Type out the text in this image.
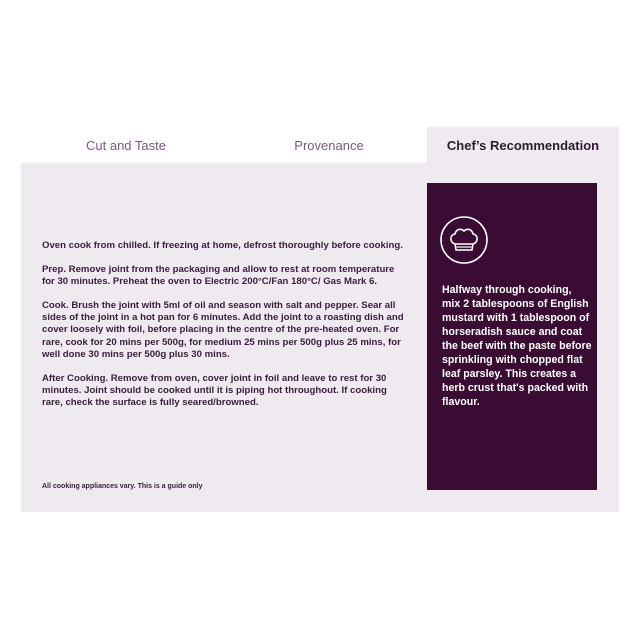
Cut and Taste	Provenance	Chef’s Recommendation

Oven cook from chilled. If freezing at home, defrost thoroughly before cooking.

Prep. Remove joint from the packaging and allow to rest at room temperature for 30 minutes. Preheat the oven to Electric 200°C/Fan 180°C/ Gas Mark 6.

Cook. Brush the joint with 5ml of oil and season with salt and pepper. Sear all sides of the joint in a hot pan for 6 minutes. Add the joint to a roasting dish and cover loosely with foil, before placing in the centre of the pre-heated oven. For rare, cook for 20 mins per 500g, for medium 25 mins per 500g plus 25 mins, for well done 30 mins per 500g plus 30 mins.

After Cooking. Remove from oven, cover joint in foil and leave to rest for 30 minutes. Joint should be cooked until it is piping hot throughout. If cooking rare, check the surface is fully seared/browned.

All cooking appliances vary. This is a guide only

Halfway through cooking, mix 2 tablespoons of English mustard with 1 tablespoon of horseradish sauce and coat the beef with the paste before sprinkling with chopped flat leaf parsley. This creates a herb crust that's packed with flavour.
